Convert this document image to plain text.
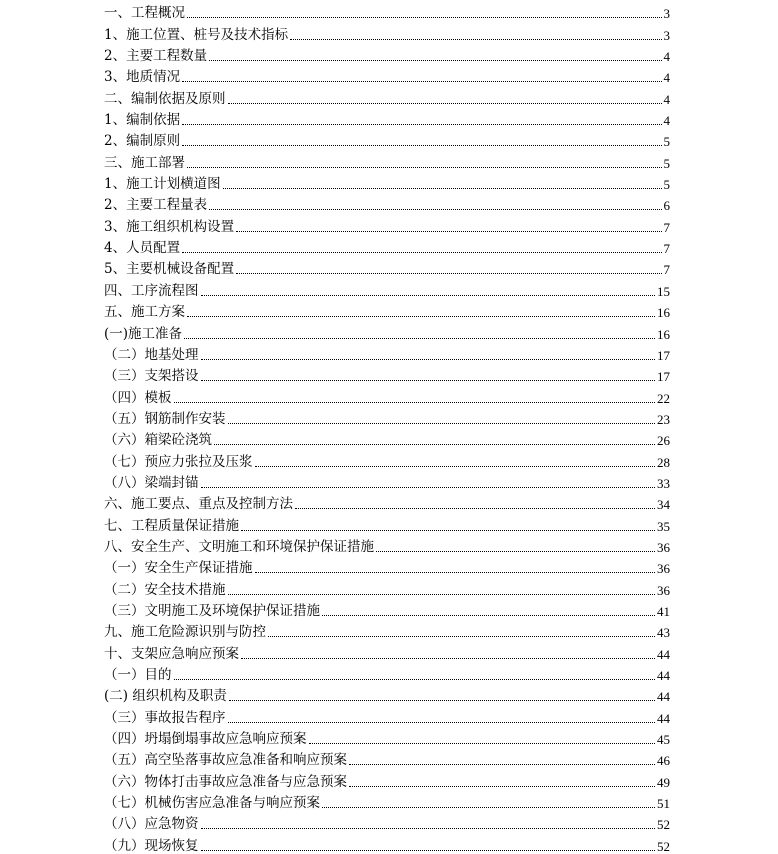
一、工程概况	3
1、施工位置、桩号及技术指标	3
2、主要工程数量	4
3、地质情况	4
二、编制依据及原则	4
1、编制依据	4
2、编制原则	5
三、施工部署	5
1、施工计划横道图	5
2、主要工程量表	6
3、施工组织机构设置	7
4、人员配置	7
5、主要机械设备配置	7
四、工序流程图	15
五、施工方案	16
(一)施工准备	16
（二）地基处理	17
（三）支架搭设	17
（四）模板	22
（五）钢筋制作安装	23
（六）箱梁砼浇筑	26
（七）预应力张拉及压浆	28
（八）梁端封锚	33
六、施工要点、重点及控制方法	34
七、工程质量保证措施	35
八、安全生产、文明施工和环境保护保证措施	36
（一）安全生产保证措施	36
（二）安全技术措施	36
（三）文明施工及环境保护保证措施	41
九、施工危险源识别与防控	43
十、支架应急响应预案	44
（一）目的	44
(二) 组织机构及职责	44
（三）事故报告程序	44
（四）坍塌倒塌事故应急响应预案	45
（五）高空坠落事故应急准备和响应预案	46
（六）物体打击事故应急准备与应急预案	49
（七）机械伤害应急准备与响应预案	51
（八）应急物资	52
（九）现场恢复	52
